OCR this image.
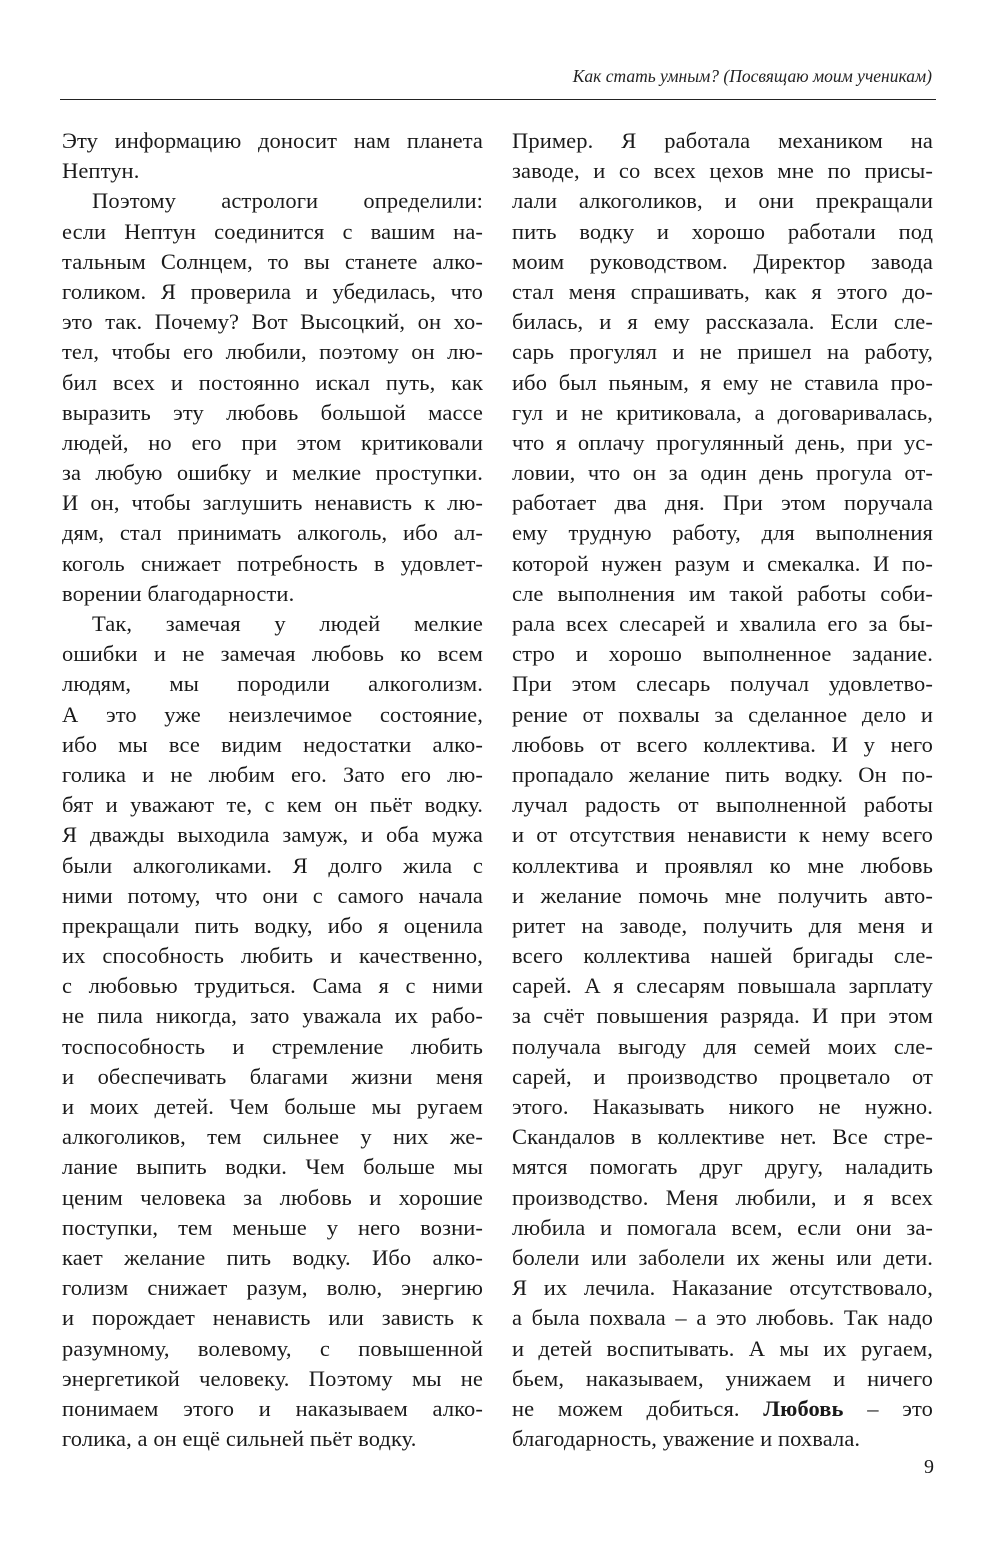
Как стать умным? (Посвящаю моим ученикам)
Эту информацию доносит нам планета
Нептун.
Поэтому астрологи определили:
если Нептун соединится с вашим на-
тальным Солнцем, то вы станете алко-
голиком. Я проверила и убедилась, что
это так. Почему? Вот Высоцкий, он хо-
тел, чтобы его любили, поэтому он лю-
бил всех и постоянно искал путь, как
выразить эту любовь большой массе
людей, но его при этом критиковали
за любую ошибку и мелкие проступки.
И он, чтобы заглушить ненависть к лю-
дям, стал принимать алкоголь, ибо ал-
коголь снижает потребность в удовлет-
ворении благодарности.
Так, замечая у людей мелкие
ошибки и не замечая любовь ко всем
людям, мы породили алкоголизм.
А это уже неизлечимое состояние,
ибо мы все видим недостатки алко-
голика и не любим его. Зато его лю-
бят и уважают те, с кем он пьёт водку.
Я дважды выходила замуж, и оба мужа
были алкоголиками. Я долго жила с
ними потому, что они с самого начала
прекращали пить водку, ибо я оценила
их способность любить и качественно,
с любовью трудиться. Сама я с ними
не пила никогда, зато уважала их рабо-
тоспособность и стремление любить
и обеспечивать благами жизни меня
и моих детей. Чем больше мы ругаем
алкоголиков, тем сильнее у них же-
лание выпить водки. Чем больше мы
ценим человека за любовь и хорошие
поступки, тем меньше у него возни-
кает желание пить водку. Ибо алко-
голизм снижает разум, волю, энергию
и порождает ненависть или зависть к
разумному, волевому, с повышенной
энергетикой человеку. Поэтому мы не
понимаем этого и наказываем алко-
голика, а он ещё сильней пьёт водку.
Пример. Я работала механиком на
заводе, и со всех цехов мне по присы-
лали алкоголиков, и они прекращали
пить водку и хорошо работали под
моим руководством. Директор завода
стал меня спрашивать, как я этого до-
билась, и я ему рассказала. Если сле-
сарь прогулял и не пришел на работу,
ибо был пьяным, я ему не ставила про-
гул и не критиковала, а договаривалась,
что я оплачу прогулянный день, при ус-
ловии, что он за один день прогула от-
работает два дня. При этом поручала
ему трудную работу, для выполнения
которой нужен разум и смекалка. И по-
сле выполнения им такой работы соби-
рала всех слесарей и хвалила его за бы-
стро и хорошо выполненное задание.
При этом слесарь получал удовлетво-
рение от похвалы за сделанное дело и
любовь от всего коллектива. И у него
пропадало желание пить водку. Он по-
лучал радость от выполненной работы
и от отсутствия ненависти к нему всего
коллектива и проявлял ко мне любовь
и желание помочь мне получить авто-
ритет на заводе, получить для меня и
всего коллектива нашей бригады сле-
сарей. А я слесарям повышала зарплату
за счёт повышения разряда. И при этом
получала выгоду для семей моих сле-
сарей, и производство процветало от
этого. Наказывать никого не нужно.
Скандалов в коллективе нет. Все стре-
мятся помогать друг другу, наладить
производство. Меня любили, и я всех
любила и помогала всем, если они за-
болели или заболели их жены или дети.
Я их лечила. Наказание отсутствовало,
а была похвала – а это любовь. Так надо
и детей воспитывать. А мы их ругаем,
бьем, наказываем, унижаем и ничего
не можем добиться. Любовь – это
благодарность, уважение и похвала.
9
